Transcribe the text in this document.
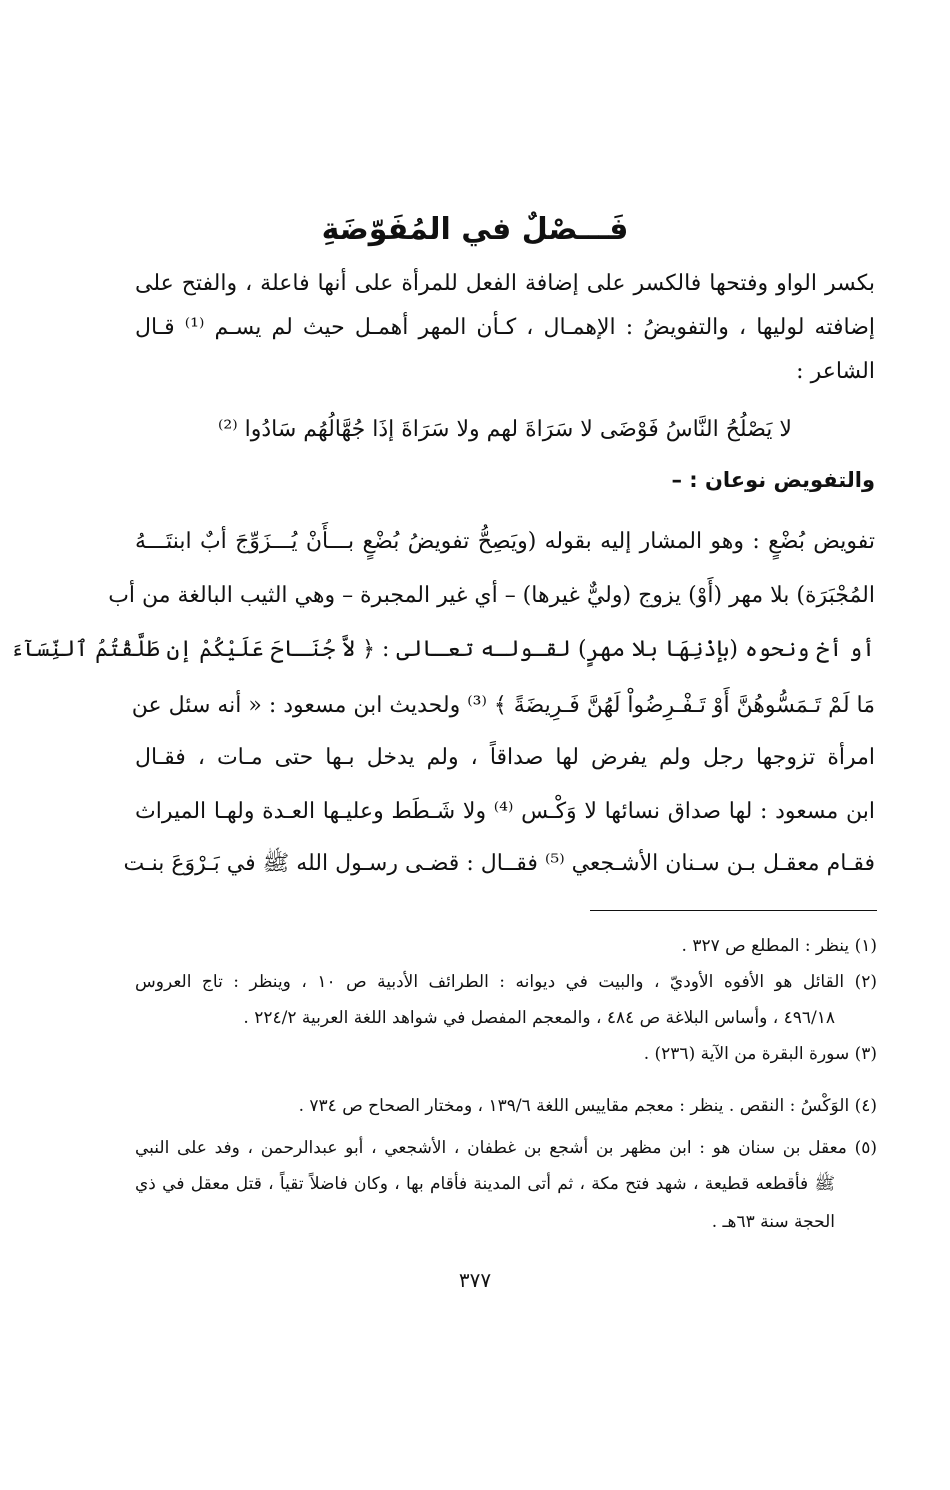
فَـــصْلٌ في المُفَوّضَةِ
بكسر الواو وفتحها فالكسر على إضافة الفعل للمرأة على أنها فاعلة ، والفتح على
إضافته لوليها ، والتفويضُ : الإهمـال ، كـأن المهر أهمـل حيث لم يسـم ⁽¹⁾ قـال
الشاعر :
لا يَصْلُحُ النَّاسُ فَوْضَى لا سَرَاةَ لهم ولا سَرَاةَ إذَا جُهَّالُهُم سَادُوا ⁽²⁾
والتفويض نوعان : –
تفويض بُضْعٍ : وهو المشار إليه بقوله (ويَصِحُّ تفويضُ بُضْعٍ بـــأَنْ يُـــزَوِّجَ أبٌ ابنتَـــهُ
المُجْبَرَة) بلا مهر (أَوْ) يزوج (وليٌّ غيرها) – أي غير المجبرة – وهي الثيب البالغة من أب
أو أخ ونحوه (بإذْنِهَا بلا مهرٍ) لقـولـه تعـالى : ﴿ لاَّ جُنَـاحَ عَلَيْكُمْ إن طَلَّقْتُمُ ٱلنِّسَآءَ
مَا لَمْ تَـمَسُّوهُنَّ أَوْ تَـفْـرِضُواْ لَهُنَّ فَـرِيضَةً ﴾ ⁽³⁾ ولحديث ابن مسعود : « أنه سئل عن
امرأة تزوجها رجل ولم يفرض لها صداقاً ، ولم يدخل بـها حتى مـات ، فقـال
ابن مسعود : لها صداق نسائها لا وَكْـس ⁽⁴⁾ ولا شَـطَط وعليـها العـدة ولهـا الميراث
فقـام معقـل بـن سـنان الأشـجعي ⁽⁵⁾ فقــال : قضـى رسـول الله ﷺ في بَـرْوَعَ بنـت
(١) ينظر : المطلع ص ٣٢٧ .
(٢) القائل هو الأفوه الأوديّ ، والبيت في ديوانه : الطرائف الأدبية ص ١٠ ، وينظر : تاج العروس
٤٩٦/١٨ ، وأساس البلاغة ص ٤٨٤ ، والمعجم المفصل في شواهد اللغة العربية ٢٢٤/٢ .
(٣) سورة البقرة من الآية (٢٣٦) .
(٤) الوَكْسُ : النقص . ينظر : معجم مقاييس اللغة ١٣٩/٦ ، ومختار الصحاح ص ٧٣٤ .
(٥) معقل بن سنان هو : ابن مظهر بن أشجع بن غطفان ، الأشجعي ، أبو عبدالرحمن ، وفد على النبي
ﷺ فأقطعه قطيعة ، شهد فتح مكة ، ثم أتى المدينة فأقام بها ، وكان فاضلاً تقياً ، قتل معقل في ذي
الحجة سنة ٦٣هـ .
٣٧٧
